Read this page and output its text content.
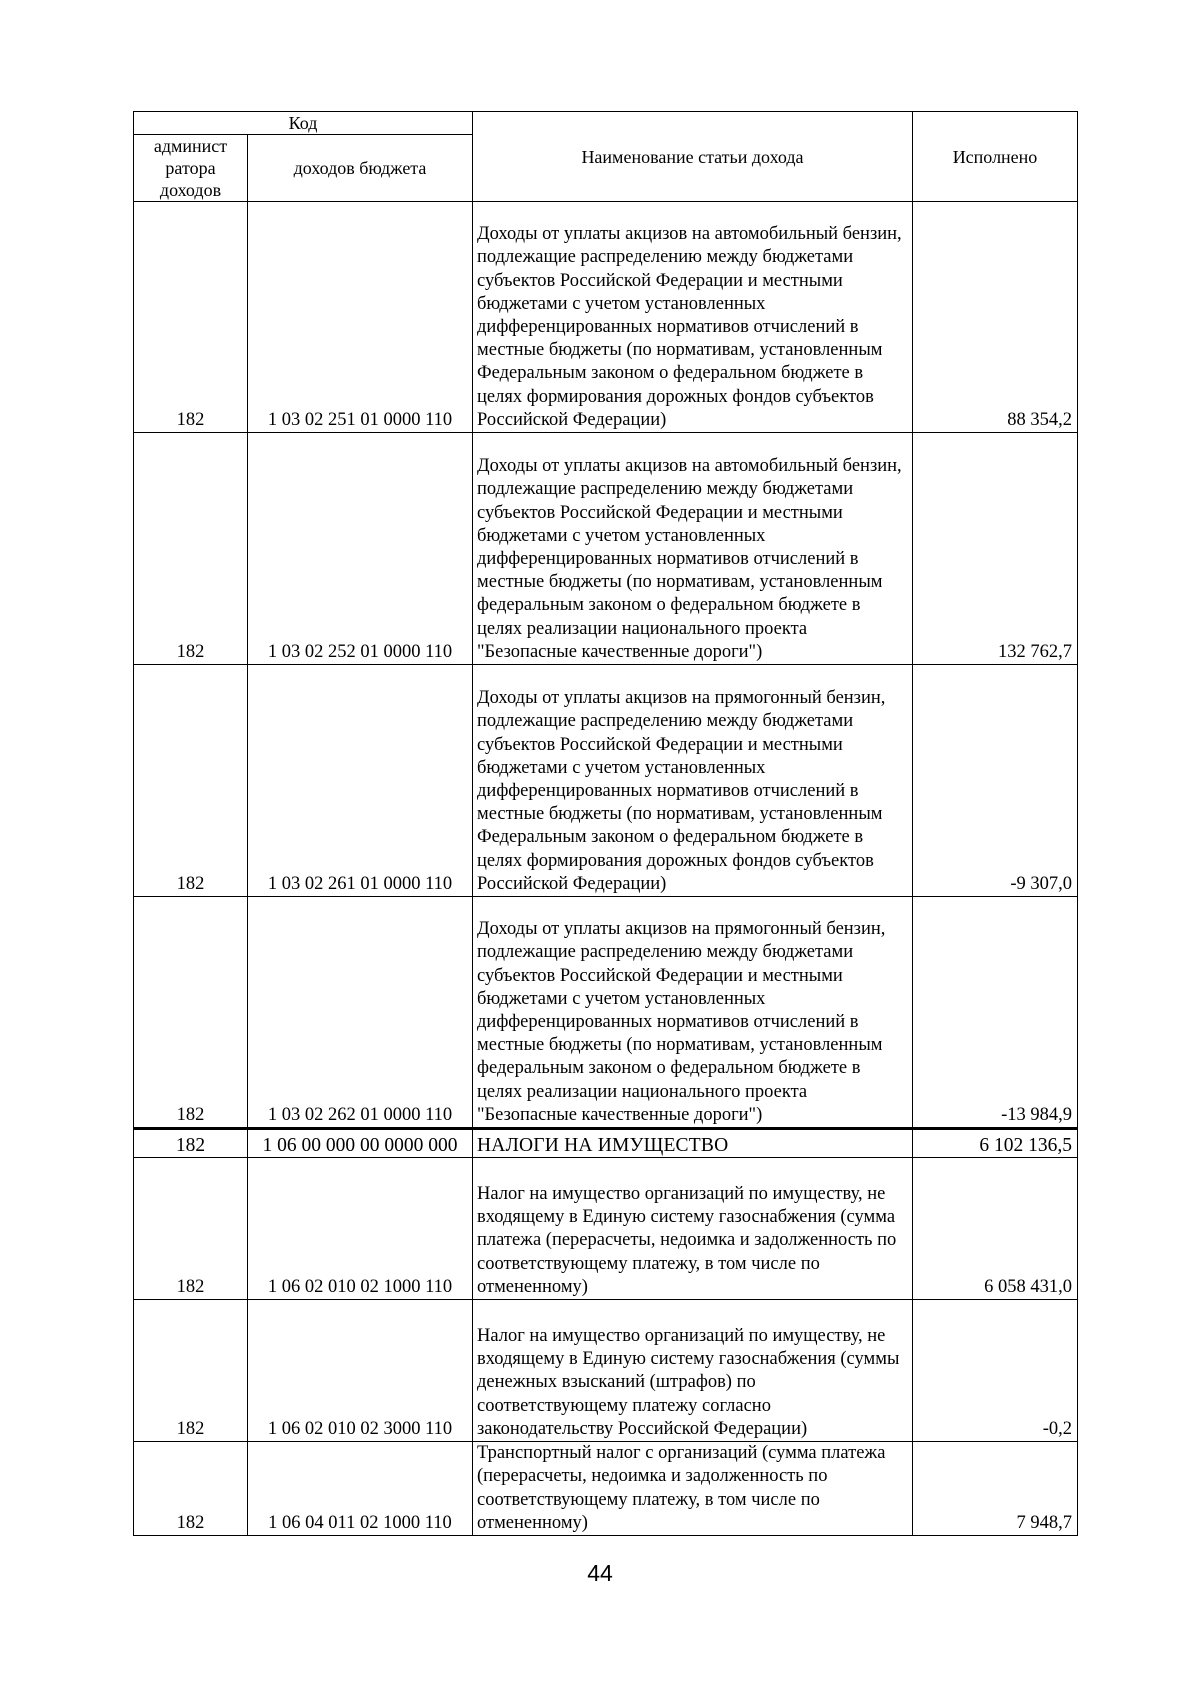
Код		Наименование статьи дохода	Исполнено
админист ратора доходов	доходов бюджета		
182	1 03 02 251 01 0000 110	Доходы от уплаты акцизов на автомобильный бензин, подлежащие распределению между бюджетами субъектов Российской Федерации и местными бюджетами с учетом установленных дифференцированных нормативов отчислений в местные бюджеты (по нормативам, установленным Федеральным законом о федеральном бюджете в целях формирования дорожных фондов субъектов Российской Федерации)	88 354,2
182	1 03 02 252 01 0000 110	Доходы от уплаты акцизов на автомобильный бензин, подлежащие распределению между бюджетами субъектов Российской Федерации и местными бюджетами с учетом установленных дифференцированных нормативов отчислений в местные бюджеты (по нормативам, установленным федеральным законом о федеральном бюджете в целях реализации национального проекта "Безопасные качественные дороги")	132 762,7
182	1 03 02 261 01 0000 110	Доходы от уплаты акцизов на прямогонный бензин, подлежащие распределению между бюджетами субъектов Российской Федерации и местными бюджетами с учетом установленных дифференцированных нормативов отчислений в местные бюджеты (по нормативам, установленным Федеральным законом о федеральном бюджете в целях формирования дорожных фондов субъектов Российской Федерации)	-9 307,0
182	1 03 02 262 01 0000 110	Доходы от уплаты акцизов на прямогонный бензин, подлежащие распределению между бюджетами субъектов Российской Федерации и местными бюджетами с учетом установленных дифференцированных нормативов отчислений в местные бюджеты (по нормативам, установленным федеральным законом о федеральном бюджете в целях реализации национального проекта "Безопасные качественные дороги")	-13 984,9
182	1 06 00 000 00 0000 000	НАЛОГИ НА ИМУЩЕСТВО	6 102 136,5
182	1 06 02 010 02 1000 110	Налог на имущество организаций по имуществу, не входящему в Единую систему газоснабжения (сумма платежа (перерасчеты, недоимка и задолженность по соответствующему платежу, в том числе по отмененному)	6 058 431,0
182	1 06 02 010 02 3000 110	Налог на имущество организаций по имуществу, не входящему в Единую систему газоснабжения (суммы денежных взысканий (штрафов) по соответствующему платежу согласно законодательству Российской Федерации)	-0,2
182	1 06 04 011 02 1000 110	Транспортный налог с организаций (сумма платежа (перерасчеты, недоимка и задолженность по соответствующему платежу, в том числе по отмененному)	7 948,7
44
